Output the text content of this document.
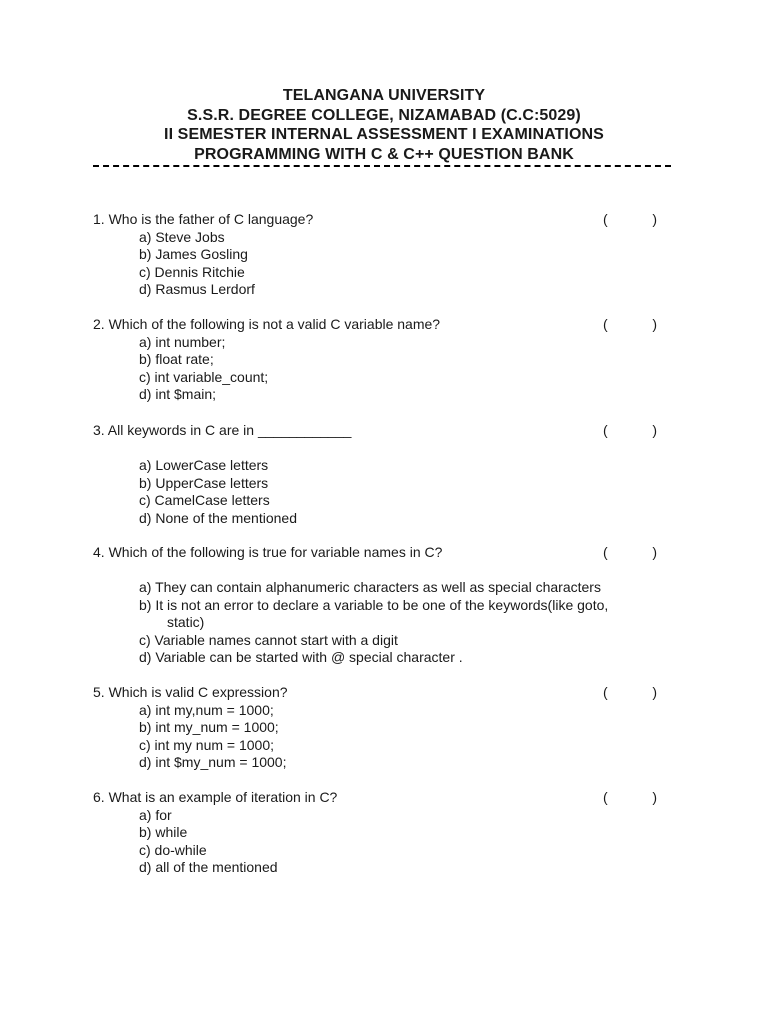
TELANGANA UNIVERSITY
S.S.R. DEGREE COLLEGE, NIZAMABAD (C.C:5029)
II SEMESTER INTERNAL ASSESSMENT I EXAMINATIONS
PROGRAMMING WITH C & C++ QUESTION BANK
1. Who is the father of C language?	(	)
a) Steve Jobs
b) James Gosling
c) Dennis Ritchie
d) Rasmus Lerdorf
2. Which of the following is not a valid C variable name?	(	)
a) int number;
b) float rate;
c) int variable_count;
d) int $main;
3. All keywords in C are in ____________	(	)
a) LowerCase letters
b) UpperCase letters
c) CamelCase letters
d) None of the mentioned
4. Which of the following is true for variable names in C?	(	)
a) They can contain alphanumeric characters as well as special characters
b) It is not an error to declare a variable to be one of the keywords(like goto,
static)
c) Variable names cannot start with a digit
d) Variable can be started with @ special character .
5. Which is valid C expression?	(	)
a) int my,num = 1000;
b) int my_num = 1000;
c) int my num = 1000;
d) int $my_num = 1000;
6. What is an example of iteration in C?	(	)
a) for
b) while
c) do-while
d) all of the mentioned
